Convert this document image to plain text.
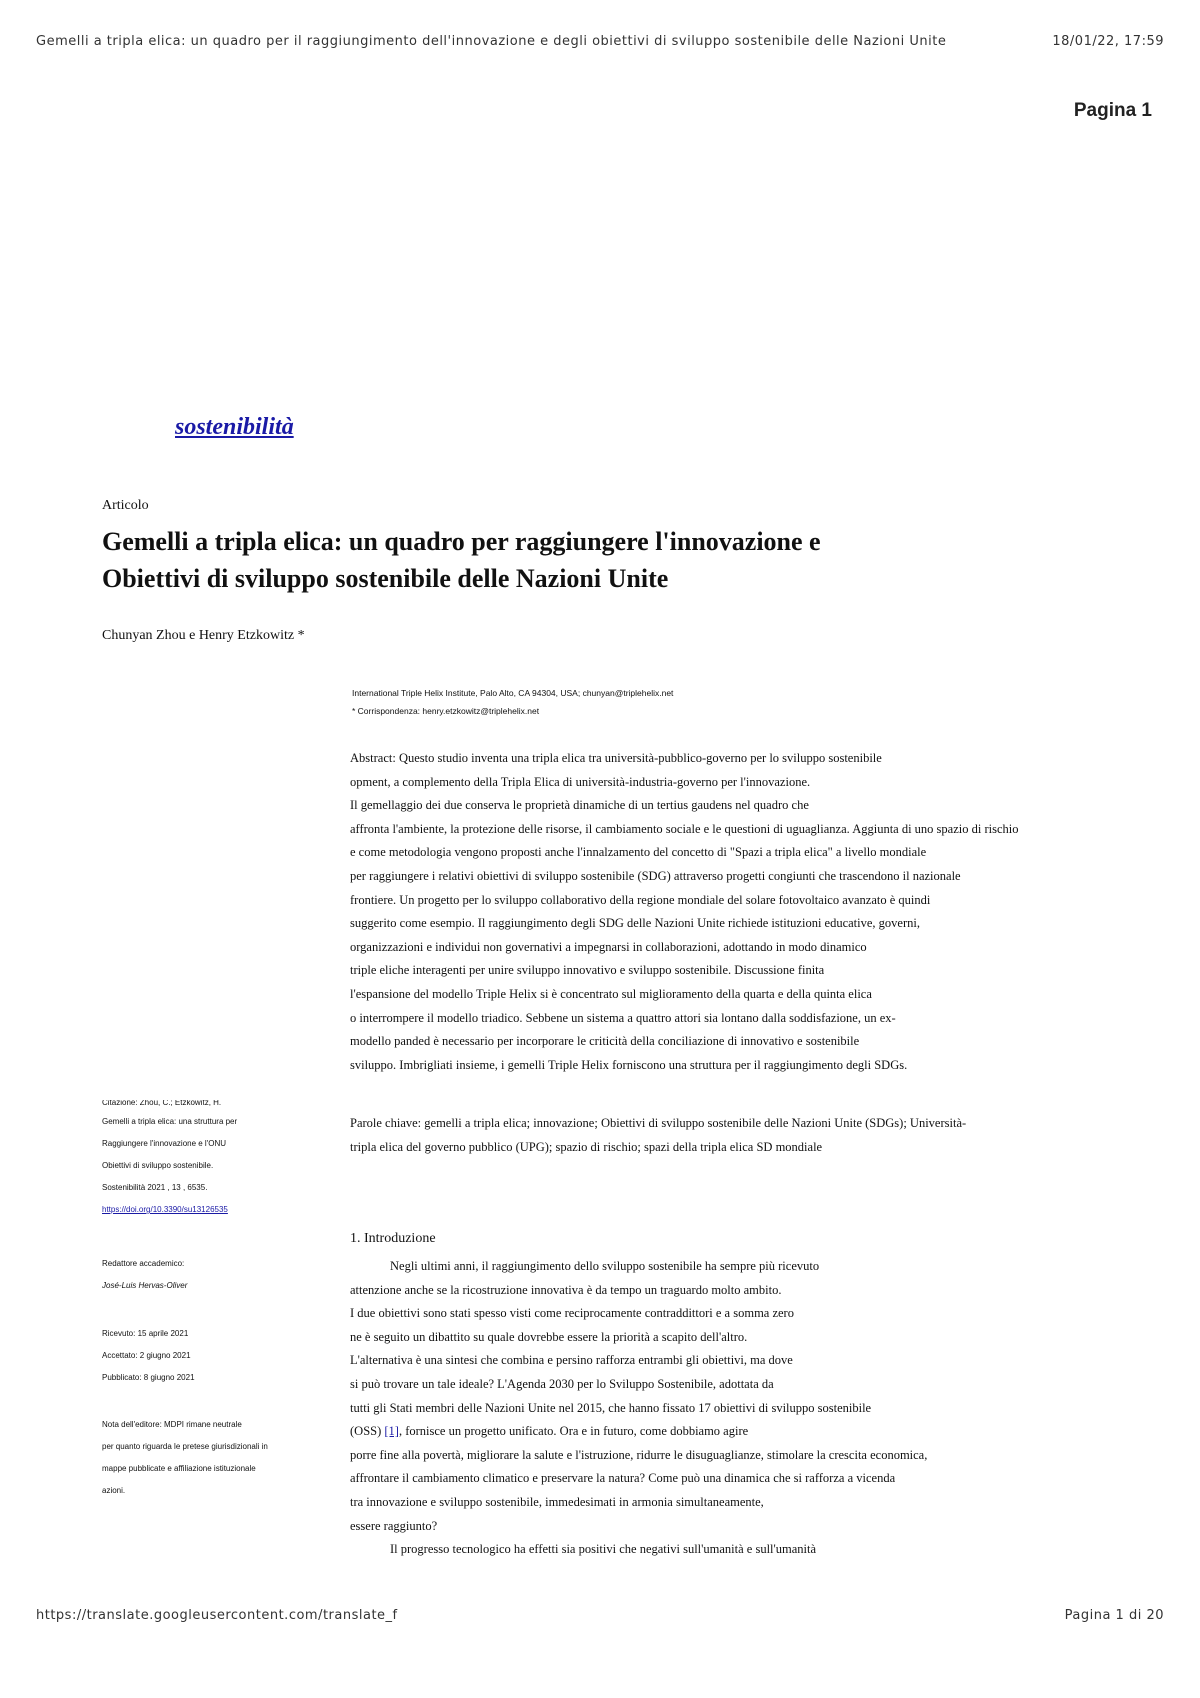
Gemelli a tripla elica: un quadro per il raggiungimento dell'innovazione e degli obiettivi di sviluppo sostenibile delle Nazioni Unite	18/01/22, 17:59
Pagina 1
sostenibilità
Articolo
Gemelli a tripla elica: un quadro per raggiungere l'innovazione e
Obiettivi di sviluppo sostenibile delle Nazioni Unite
Chunyan Zhou e Henry Etzkowitz *
International Triple Helix Institute, Palo Alto, CA 94304, USA; chunyan@triplehelix.net
* Corrispondenza: henry.etzkowitz@triplehelix.net
Abstract: Questo studio inventa una tripla elica tra università-pubblico-governo per lo sviluppo sostenibile
opment, a complemento della Tripla Elica di università-industria-governo per l'innovazione.
Il gemellaggio dei due conserva le proprietà dinamiche di un tertius gaudens nel quadro che
affronta l'ambiente, la protezione delle risorse, il cambiamento sociale e le questioni di uguaglianza. Aggiunta di uno spazio di rischio
e come metodologia vengono proposti anche l'innalzamento del concetto di "Spazi a tripla elica" a livello mondiale
per raggiungere i relativi obiettivi di sviluppo sostenibile (SDG) attraverso progetti congiunti che trascendono il nazionale
frontiere. Un progetto per lo sviluppo collaborativo della regione mondiale del solare fotovoltaico avanzato è quindi
suggerito come esempio. Il raggiungimento degli SDG delle Nazioni Unite richiede istituzioni educative, governi,
organizzazioni e individui non governativi a impegnarsi in collaborazioni, adottando in modo dinamico
triple eliche interagenti per unire sviluppo innovativo e sviluppo sostenibile. Discussione finita
l'espansione del modello Triple Helix si è concentrato sul miglioramento della quarta e della quinta elica
o interrompere il modello triadico. Sebbene un sistema a quattro attori sia lontano dalla soddisfazione, un ex-
modello panded è necessario per incorporare le criticità della conciliazione di innovativo e sostenibile
sviluppo. Imbrigliati insieme, i gemelli Triple Helix forniscono una struttura per il raggiungimento degli SDGs.
Parole chiave: gemelli a tripla elica; innovazione; Obiettivi di sviluppo sostenibile delle Nazioni Unite (SDGs); Università-
tripla elica del governo pubblico (UPG); spazio di rischio; spazi della tripla elica SD mondiale
Citazione: Zhou, C.; Etzkowitz, H.
Gemelli a tripla elica: una struttura per
Raggiungere l'innovazione e l'ONU
Obiettivi di sviluppo sostenibile.
Sostenibilità 2021 , 13 , 6535.
https://doi.org/10.3390/su13126535
Redattore accademico:
José-Luis Hervas-Oliver
Ricevuto: 15 aprile 2021
Accettato: 2 giugno 2021
Pubblicato: 8 giugno 2021
Nota dell'editore: MDPI rimane neutrale
per quanto riguarda le pretese giurisdizionali in
mappe pubblicate e affiliazione istituzionale
azioni.
1. Introduzione
Negli ultimi anni, il raggiungimento dello sviluppo sostenibile ha sempre più ricevuto
attenzione anche se la ricostruzione innovativa è da tempo un traguardo molto ambito.
I due obiettivi sono stati spesso visti come reciprocamente contraddittori e a somma zero
ne è seguito un dibattito su quale dovrebbe essere la priorità a scapito dell'altro.
L'alternativa è una sintesi che combina e persino rafforza entrambi gli obiettivi, ma dove
si può trovare un tale ideale? L'Agenda 2030 per lo Sviluppo Sostenibile, adottata da
tutti gli Stati membri delle Nazioni Unite nel 2015, che hanno fissato 17 obiettivi di sviluppo sostenibile
(OSS) [1], fornisce un progetto unificato. Ora e in futuro, come dobbiamo agire
porre fine alla povertà, migliorare la salute e l'istruzione, ridurre le disuguaglianze, stimolare la crescita economica,
affrontare il cambiamento climatico e preservare la natura? Come può una dinamica che si rafforza a vicenda
tra innovazione e sviluppo sostenibile, immedesimati in armonia simultaneamente,
essere raggiunto?
Il progresso tecnologico ha effetti sia positivi che negativi sull'umanità e sull'umanità
https://translate.googleusercontent.com/translate_f	Pagina 1 di 20
